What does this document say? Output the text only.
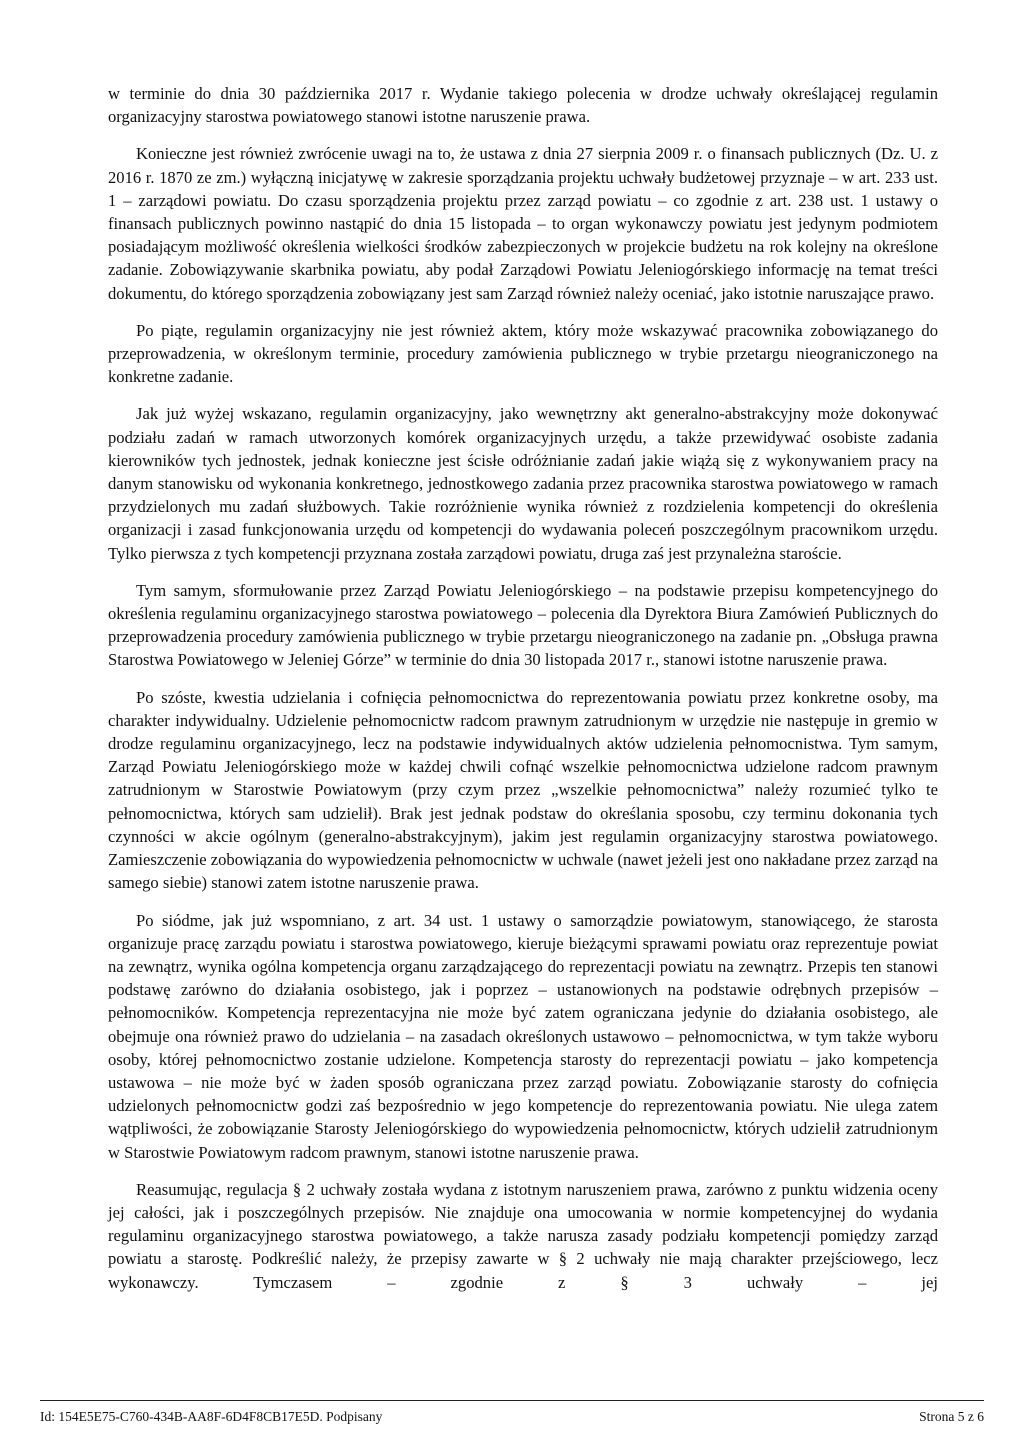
w terminie do dnia 30 października 2017 r. Wydanie takiego polecenia w drodze uchwały określającej regulamin organizacyjny starostwa powiatowego stanowi istotne naruszenie prawa.

Konieczne jest również zwrócenie uwagi na to, że ustawa z dnia 27 sierpnia 2009 r. o finansach publicznych (Dz. U. z 2016 r. 1870 ze zm.) wyłączną inicjatywę w zakresie sporządzania projektu uchwały budżetowej przyznaje – w art. 233 ust. 1 – zarządowi powiatu. Do czasu sporządzenia projektu przez zarząd powiatu – co zgodnie z art. 238 ust. 1 ustawy o finansach publicznych powinno nastąpić do dnia 15 listopada – to organ wykonawczy powiatu jest jedynym podmiotem posiadającym możliwość określenia wielkości środków zabezpieczonych w projekcie budżetu na rok kolejny na określone zadanie. Zobowiązywanie skarbnika powiatu, aby podał Zarządowi Powiatu Jeleniogórskiego informację na temat treści dokumentu, do którego sporządzenia zobowiązany jest sam Zarząd również należy oceniać, jako istotnie naruszające prawo.

Po piąte, regulamin organizacyjny nie jest również aktem, który może wskazywać pracownika zobowiązanego do przeprowadzenia, w określonym terminie, procedury zamówienia publicznego w trybie przetargu nieograniczonego na konkretne zadanie.

Jak już wyżej wskazano, regulamin organizacyjny, jako wewnętrzny akt generalno-abstrakcyjny może dokonywać podziału zadań w ramach utworzonych komórek organizacyjnych urzędu, a także przewidywać osobiste zadania kierowników tych jednostek, jednak konieczne jest ścisłe odróżnianie zadań jakie wiążą się z wykonywaniem pracy na danym stanowisku od wykonania konkretnego, jednostkowego zadania przez pracownika starostwa powiatowego w ramach przydzielonych mu zadań służbowych. Takie rozróżnienie wynika również z rozdzielenia kompetencji do określenia organizacji i zasad funkcjonowania urzędu od kompetencji do wydawania poleceń poszczególnym pracownikom urzędu. Tylko pierwsza z tych kompetencji przyznana została zarządowi powiatu, druga zaś jest przynależna staroście.

Tym samym, sformułowanie przez Zarząd Powiatu Jeleniogórskiego – na podstawie przepisu kompetencyjnego do określenia regulaminu organizacyjnego starostwa powiatowego – polecenia dla Dyrektora Biura Zamówień Publicznych do przeprowadzenia procedury zamówienia publicznego w trybie przetargu nieograniczonego na zadanie pn. „Obsługa prawna Starostwa Powiatowego w Jeleniej Górze” w terminie do dnia 30 listopada 2017 r., stanowi istotne naruszenie prawa.

Po szóste, kwestia udzielania i cofnięcia pełnomocnictwa do reprezentowania powiatu przez konkretne osoby, ma charakter indywidualny. Udzielenie pełnomocnictw radcom prawnym zatrudnionym w urzędzie nie następuje in gremio w drodze regulaminu organizacyjnego, lecz na podstawie indywidualnych aktów udzielenia pełnomocnistwa. Tym samym, Zarząd Powiatu Jeleniogórskiego może w każdej chwili cofnąć wszelkie pełnomocnictwa udzielone radcom prawnym zatrudnionym w Starostwie Powiatowym (przy czym przez „wszelkie pełnomocnictwa” należy rozumieć tylko te pełnomocnictwa, których sam udzielił). Brak jest jednak podstaw do określania sposobu, czy terminu dokonania tych czynności w akcie ogólnym (generalno-abstrakcyjnym), jakim jest regulamin organizacyjny starostwa powiatowego. Zamieszczenie zobowiązania do wypowiedzenia pełnomocnictw w uchwale (nawet jeżeli jest ono nakładane przez zarząd na samego siebie) stanowi zatem istotne naruszenie prawa.

Po siódme, jak już wspomniano, z art. 34 ust. 1 ustawy o samorządzie powiatowym, stanowiącego, że starosta organizuje pracę zarządu powiatu i starostwa powiatowego, kieruje bieżącymi sprawami powiatu oraz reprezentuje powiat na zewnątrz, wynika ogólna kompetencja organu zarządzającego do reprezentacji powiatu na zewnątrz. Przepis ten stanowi podstawę zarówno do działania osobistego, jak i poprzez – ustanowionych na podstawie odrębnych przepisów – pełnomocników. Kompetencja reprezentacyjna nie może być zatem ograniczana jedynie do działania osobistego, ale obejmuje ona również prawo do udzielania – na zasadach określonych ustawowo – pełnomocnictwa, w tym także wyboru osoby, której pełnomocnictwo zostanie udzielone. Kompetencja starosty do reprezentacji powiatu – jako kompetencja ustawowa – nie może być w żaden sposób ograniczana przez zarząd powiatu. Zobowiązanie starosty do cofnięcia udzielonych pełnomocnictw godzi zaś bezpośrednio w jego kompetencje do reprezentowania powiatu. Nie ulega zatem wątpliwości, że zobowiązanie Starosty Jeleniogórskiego do wypowiedzenia pełnomocnictw, których udzielił zatrudnionym w Starostwie Powiatowym radcom prawnym, stanowi istotne naruszenie prawa.

Reasumując, regulacja § 2 uchwały została wydana z istotnym naruszeniem prawa, zarówno z punktu widzenia oceny jej całości, jak i poszczególnych przepisów. Nie znajduje ona umocowania w normie kompetencyjnej do wydania regulaminu organizacyjnego starostwa powiatowego, a także narusza zasady podziału kompetencji pomiędzy zarząd powiatu a starostę. Podkreślić należy, że przepisy zawarte w § 2 uchwały nie mają charakter przejściowego, lecz wykonawczy. Tymczasem – zgodnie z § 3 uchwały – jej

Id: 154E5E75-C760-434B-AA8F-6D4F8CB17E5D. Podpisany	Strona 5 z 6
